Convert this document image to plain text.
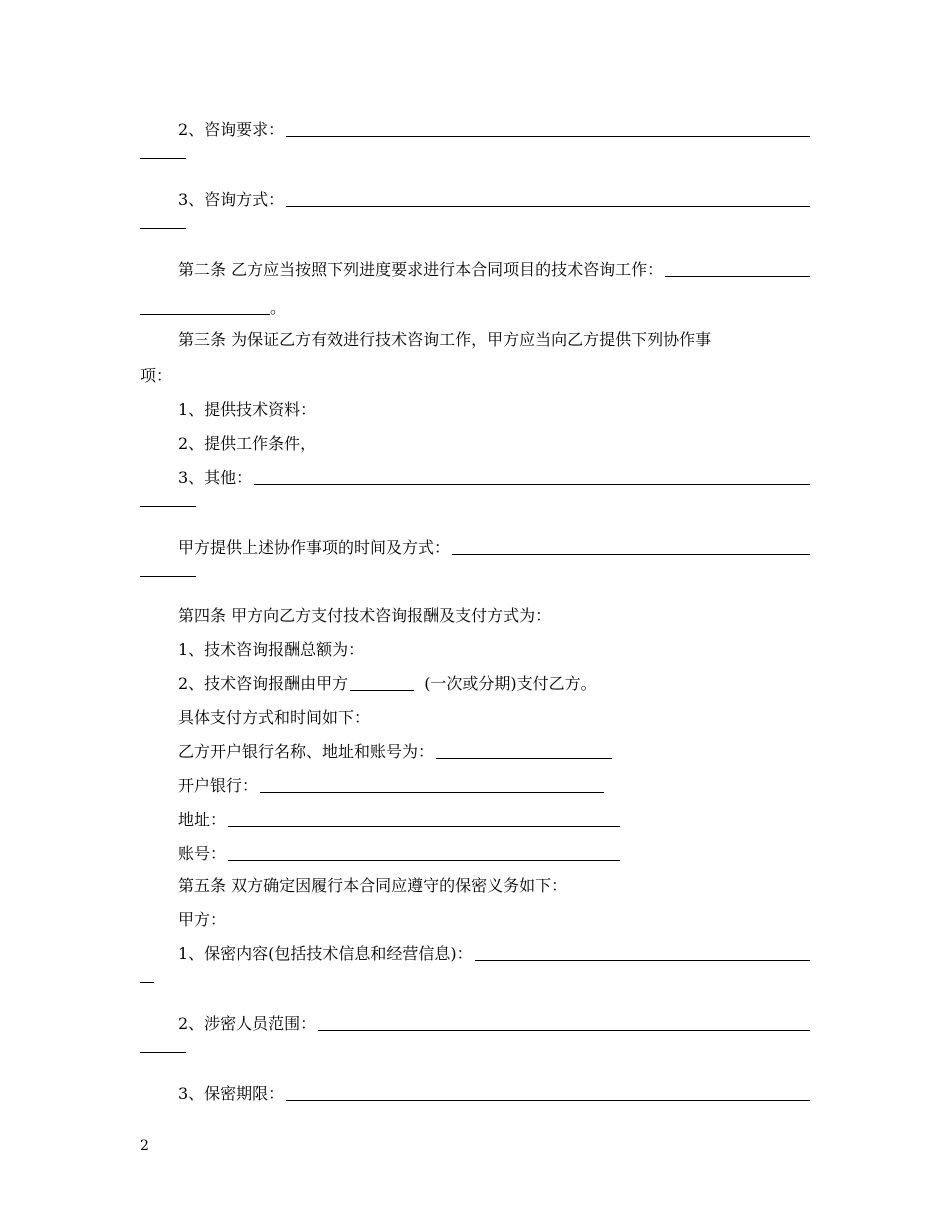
2、咨询要求：
3、咨询方式：
第二条 乙方应当按照下列进度要求进行本合同项目的技术咨询工作：
。
第三条 为保证乙方有效进行技术咨询工作，甲方应当向乙方提供下列协作事
项：
1、提供技术资料：
2、提供工作条件，
3、其他：
甲方提供上述协作事项的时间及方式：
第四条 甲方向乙方支付技术咨询报酬及支付方式为：
1、技术咨询报酬总额为：
2、技术咨询报酬由甲方	(一次或分期)支付乙方。
具体支付方式和时间如下：
乙方开户银行名称、地址和账号为：
开户银行：
地址：
账号：
第五条 双方确定因履行本合同应遵守的保密义务如下：
甲方：
1、保密内容(包括技术信息和经营信息)：
2、涉密人员范围：
3、保密期限：
2
